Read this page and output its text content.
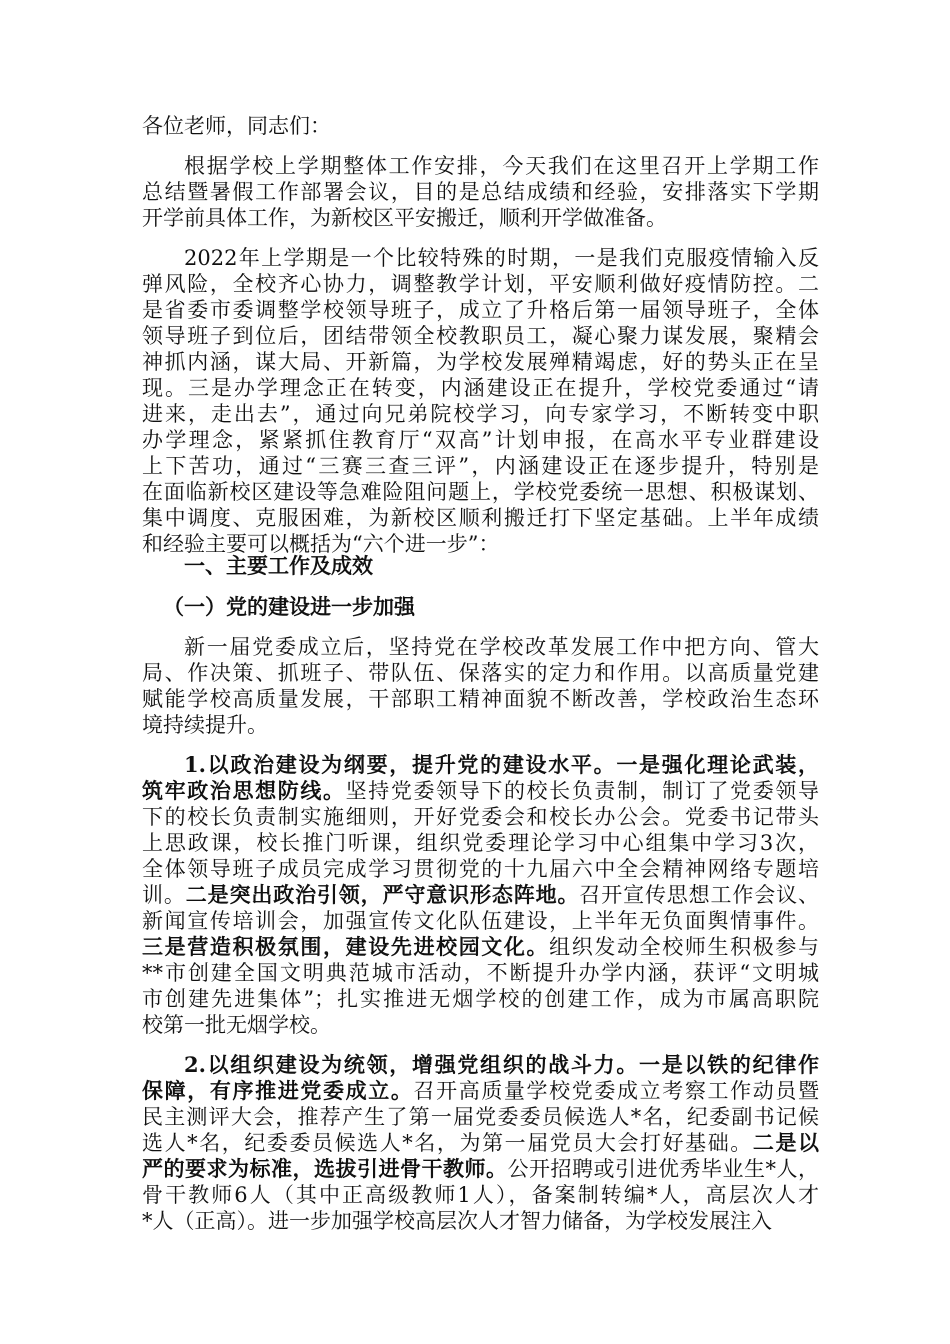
各位老师，同志们：
根据学校上学期整体工作安排，今天我们在这里召开上学期工作
总结暨暑假工作部署会议，目的是总结成绩和经验，安排落实下学期
开学前具体工作，为新校区平安搬迁，顺利开学做准备。
2022年上学期是一个比较特殊的时期，一是我们克服疫情输入反
弹风险，全校齐心协力，调整教学计划，平安顺利做好疫情防控。二
是省委市委调整学校领导班子，成立了升格后第一届领导班子，全体
领导班子到位后，团结带领全校教职员工，凝心聚力谋发展，聚精会
神抓内涵，谋大局、开新篇，为学校发展殚精竭虑，好的势头正在呈
现。三是办学理念正在转变，内涵建设正在提升，学校党委通过“请
进来，走出去”，通过向兄弟院校学习，向专家学习，不断转变中职
办学理念，紧紧抓住教育厅“双高”计划申报，在高水平专业群建设
上下苦功，通过“三赛三查三评”，内涵建设正在逐步提升，特别是
在面临新校区建设等急难险阻问题上，学校党委统一思想、积极谋划、
集中调度、克服困难，为新校区顺利搬迁打下坚定基础。上半年成绩
和经验主要可以概括为“六个进一步”：
一、主要工作及成效
（一）党的建设进一步加强
新一届党委成立后，坚持党在学校改革发展工作中把方向、管大
局、作决策、抓班子、带队伍、保落实的定力和作用。以高质量党建
赋能学校高质量发展，干部职工精神面貌不断改善，学校政治生态环
境持续提升。
1.以政治建设为纲要，提升党的建设水平。一是强化理论武装，
筑牢政治思想防线。坚持党委领导下的校长负责制，制订了党委领导
下的校长负责制实施细则，开好党委会和校长办公会。党委书记带头
上思政课，校长推门听课，组织党委理论学习中心组集中学习3次，
全体领导班子成员完成学习贯彻党的十九届六中全会精神网络专题培
训。二是突出政治引领，严守意识形态阵地。召开宣传思想工作会议、
新闻宣传培训会，加强宣传文化队伍建设，上半年无负面舆情事件。
三是营造积极氛围，建设先进校园文化。组织发动全校师生积极参与
**市创建全国文明典范城市活动，不断提升办学内涵，获评“文明城
市创建先进集体”；扎实推进无烟学校的创建工作，成为市属高职院
校第一批无烟学校。
2.以组织建设为统领，增强党组织的战斗力。一是以铁的纪律作
保障，有序推进党委成立。召开高质量学校党委成立考察工作动员暨
民主测评大会，推荐产生了第一届党委委员候选人*名，纪委副书记候
选人*名，纪委委员候选人*名，为第一届党员大会打好基础。二是以
严的要求为标准，选拔引进骨干教师。公开招聘或引进优秀毕业生*人，
骨干教师6人（其中正高级教师1人），备案制转编*人，高层次人才
*人（正高）。进一步加强学校高层次人才智力储备，为学校发展注入
